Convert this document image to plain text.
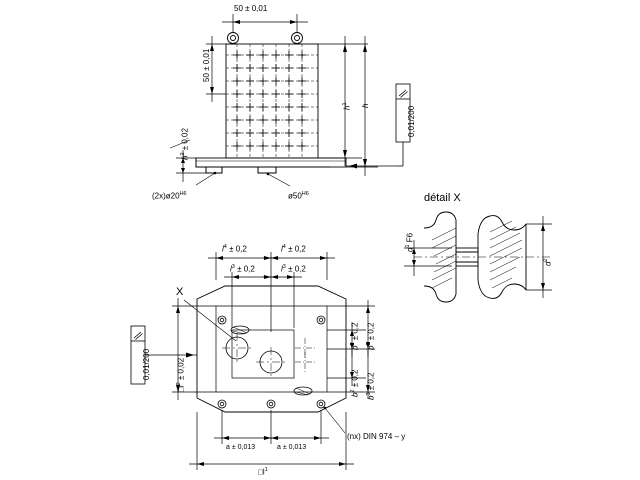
50 ± 0,01
50 ± 0,01
$h^1$	h
$h^2 \pm 0,02$
$(2x)ø20^{H6}$	$ø50^{H6}$
0,01/200
détail X
$d^1$ F6
$d^2$
$l^4 \pm 0,2$	$l^4 \pm 0,2$
$l^3 \pm 0,2$	$l^3 \pm 0,2$
$b^2 \pm 0,2$
$b^3 \pm 0,2$
$b^2 \pm 0,2$
$b^3 \pm 0,2$
a ± 0,013	a ± 0,013
$□l^1$
$□l^2 \pm 0,02$
0,01/200
(nx) DIN 974 – y
X
